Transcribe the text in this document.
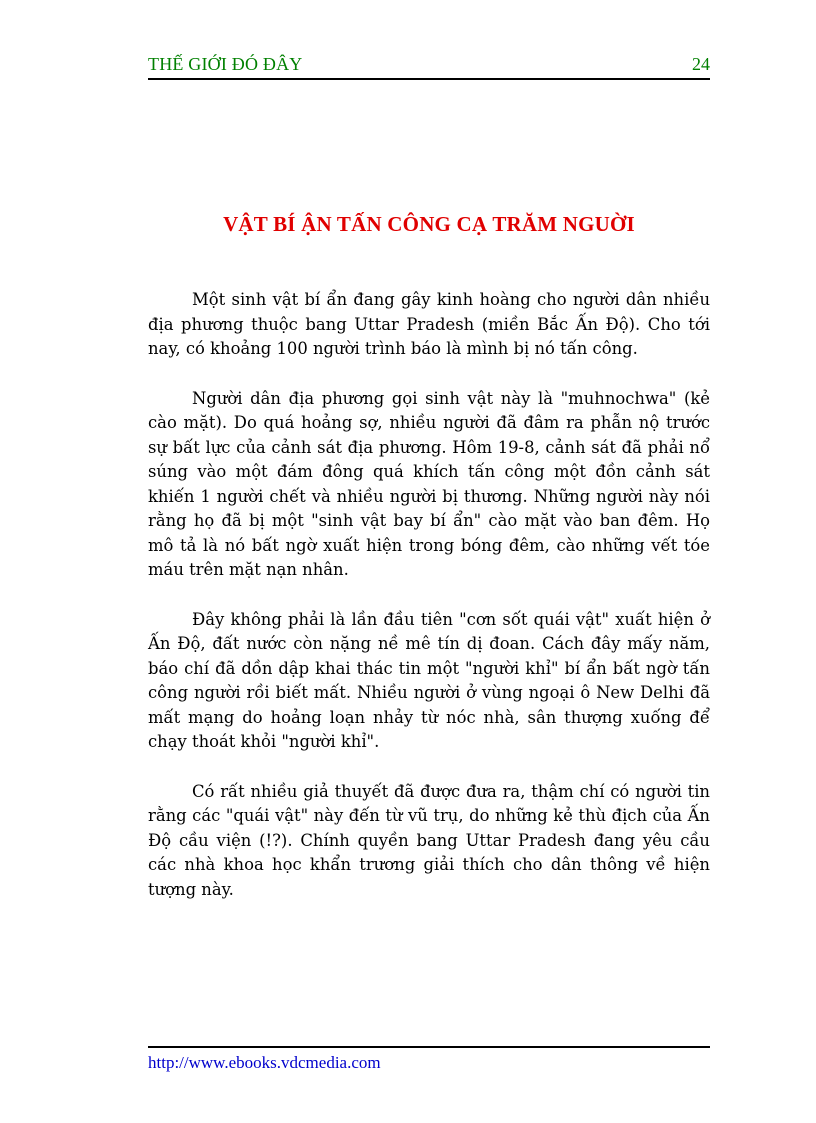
THẾ GIỚI ĐÓ ĐÂY	24
VẬT BÍ ẬN TẤN CÔNG CẠ TRĂM NGUỜI

Một sinh vật bí ẩn đang gây kinh hoàng cho người dân nhiều địa phương thuộc bang Uttar Pradesh (miền Bắc Ấn Độ). Cho tới nay, có khoảng 100 người trình báo là mình bị nó tấn công.

Người dân địa phương gọi sinh vật này là "muhnochwa" (kẻ cào mặt). Do quá hoảng sợ, nhiều người đã đâm ra phẫn nộ trước sự bất lực của cảnh sát địa phương. Hôm 19-8, cảnh sát đã phải nổ súng vào một đám đông quá khích tấn công một đồn cảnh sát khiến 1 người chết và nhiều người bị thương. Những người này nói rằng họ đã bị một "sinh vật bay bí ẩn" cào mặt vào ban đêm. Họ mô tả là nó bất ngờ xuất hiện trong bóng đêm, cào những vết tóe máu trên mặt nạn nhân.

Đây không phải là lần đầu tiên "cơn sốt quái vật" xuất hiện ở Ấn Độ, đất nước còn nặng nề mê tín dị đoan. Cách đây mấy năm, báo chí đã dồn dập khai thác tin một "người khỉ" bí ẩn bất ngờ tấn công người rồi biết mất. Nhiều người ở vùng ngoại ô New Delhi đã mất mạng do hoảng loạn nhảy từ nóc nhà, sân thượng xuống để chạy thoát khỏi "người khỉ".

Có rất nhiều giả thuyết đã được đưa ra, thậm chí có người tin rằng các "quái vật" này đến từ vũ trụ, do những kẻ thù địch của Ấn Độ cầu viện (!?). Chính quyền bang Uttar Pradesh đang yêu cầu các nhà khoa học khẩn trương giải thích cho dân thông về hiện tượng này.

http://www.ebooks.vdcmedia.com
